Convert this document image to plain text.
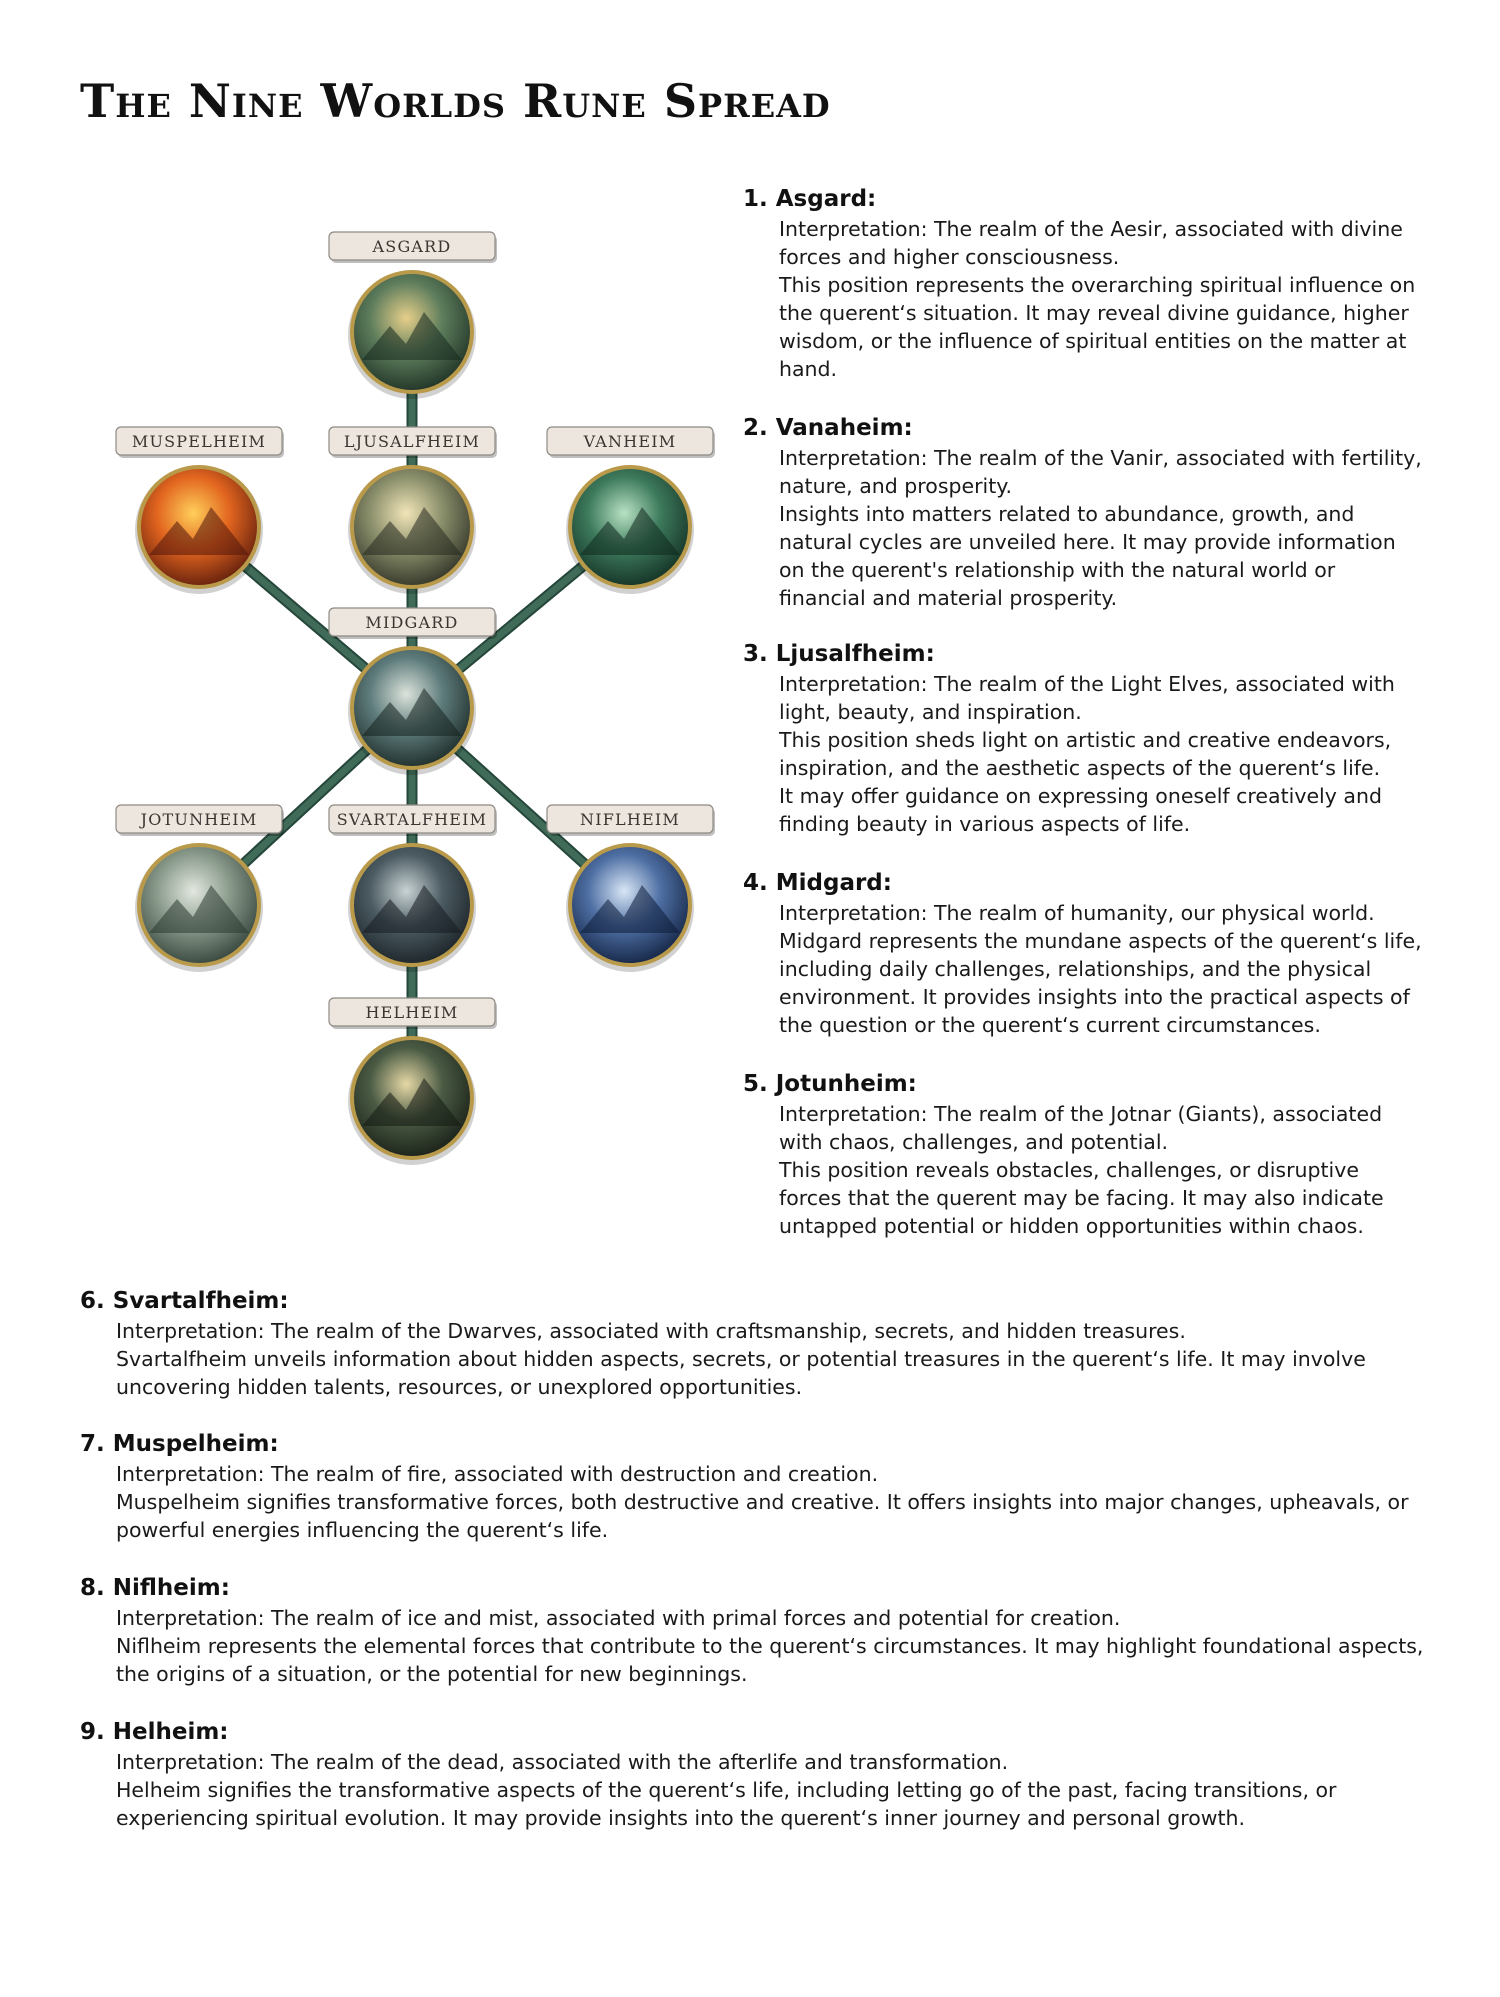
The Nine Worlds Rune Spread
ASGARD
MUSPELHEIM	LJUSALFHEIM	VANHEIM
MIDGARD
JOTUNHEIM	SVARTALFHEIM	NIFLHEIM
HELHEIM
1. Asgard:

Interpretation: The realm of the Aesir, associated with divine forces and higher consciousness.

This position represents the overarching spiritual influence on the querent‘s situation. It may reveal divine guidance, higher wisdom, or the influence of spiritual entities on the matter at hand.

2. Vanaheim:

Interpretation: The realm of the Vanir, associated with fertility, nature, and prosperity.

Insights into matters related to abundance, growth, and natural cycles are unveiled here. It may provide information on the querent's relationship with the natural world or financial and material prosperity.

3. Ljusalfheim:

Interpretation: The realm of the Light Elves, associated with light, beauty, and inspiration.

This position sheds light on artistic and creative endeavors, inspiration, and the aesthetic aspects of the querent‘s life.

It may offer guidance on expressing oneself creatively and finding beauty in various aspects of life.

4. Midgard:

Interpretation: The realm of humanity, our physical world.

Midgard represents the mundane aspects of the querent‘s life, including daily challenges, relationships, and the physical environment. It provides insights into the practical aspects of the question or the querent‘s current circumstances.

5. Jotunheim:

Interpretation: The realm of the Jotnar (Giants), associated with chaos, challenges, and potential.

This position reveals obstacles, challenges, or disruptive forces that the querent may be facing. It may also indicate untapped potential or hidden opportunities within chaos.

6. Svartalfheim:

Interpretation: The realm of the Dwarves, associated with craftsmanship, secrets, and hidden treasures.

Svartalfheim unveils information about hidden aspects, secrets, or potential treasures in the querent‘s life. It may involve uncovering hidden talents, resources, or unexplored opportunities.

7. Muspelheim:

Interpretation: The realm of fire, associated with destruction and creation.

Muspelheim signifies transformative forces, both destructive and creative. It offers insights into major changes, upheavals, or powerful energies influencing the querent‘s life.

8. Niflheim:

Interpretation: The realm of ice and mist, associated with primal forces and potential for creation.

Niflheim represents the elemental forces that contribute to the querent‘s circumstances. It may highlight foundational aspects, the origins of a situation, or the potential for new beginnings.

9. Helheim:

Interpretation: The realm of the dead, associated with the afterlife and transformation.

Helheim signifies the transformative aspects of the querent‘s life, including letting go of the past, facing transitions, or experiencing spiritual evolution. It may provide insights into the querent‘s inner journey and personal growth.
